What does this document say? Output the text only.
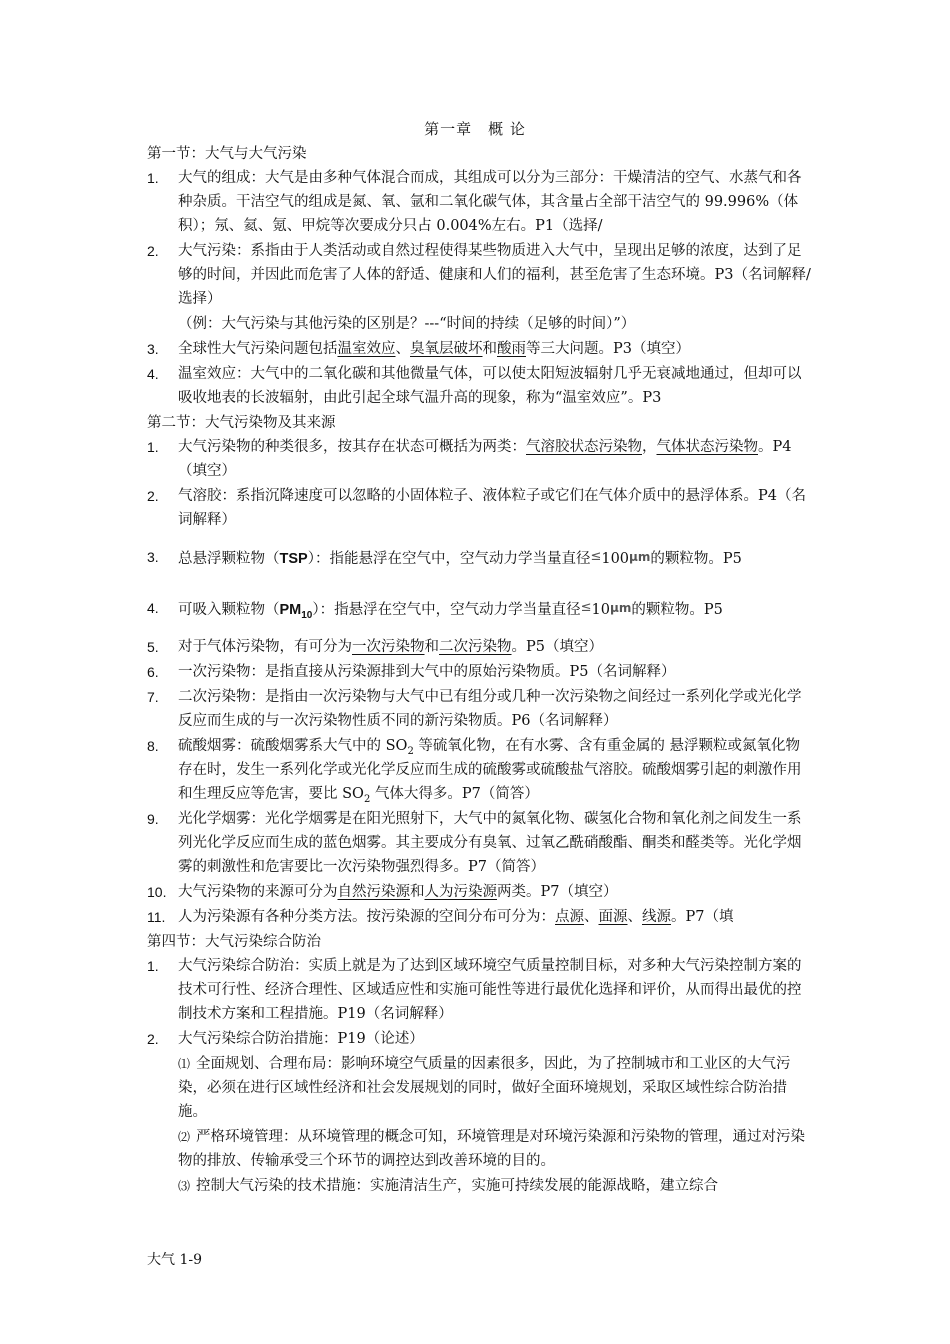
第一章　概 论

第一节：大气与大气污染

1.	大气的组成：大气是由多种气体混合而成，其组成可以分为三部分：干燥清洁的空气、水蒸气和各种杂质。干洁空气的组成是氮、氧、氩和二氧化碳气体，其含量占全部干洁空气的 99.996%（体积）；氖、氦、氪、甲烷等次要成分只占 0.004%左右。P1（选择/
2.	大气污染：系指由于人类活动或自然过程使得某些物质进入大气中，呈现出足够的浓度，达到了足够的时间，并因此而危害了人体的舒适、健康和人们的福利，甚至危害了生态环境。P3（名词解释/选择）
（例：大气污染与其他污染的区别是？---“时间的持续（足够的时间）”）
3.	全球性大气污染问题包括温室效应、臭氧层破坏和酸雨等三大问题。P3（填空）
4.	温室效应：大气中的二氧化碳和其他微量气体，可以使太阳短波辐射几乎无衰减地通过，但却可以吸收地表的长波辐射，由此引起全球气温升高的现象，称为“温室效应”。P3

第二节：大气污染物及其来源

1.	大气污染物的种类很多，按其存在状态可概括为两类：气溶胶状态污染物，气体状态污染物。P4（填空）
2.	气溶胶：系指沉降速度可以忽略的小固体粒子、液体粒子或它们在气体介质中的悬浮体系。P4（名词解释）
3.	总悬浮颗粒物（TSP）：指能悬浮在空气中，空气动力学当量直径≤100μm的颗粒物。P5
4.	可吸入颗粒物$(PM_{10})$：指悬浮在空气中，空气动力学当量直径≤10μm的颗粒物。P5
5.	对于气体污染物，有可分为一次污染物和二次污染物。P5（填空）
6.	一次污染物：是指直接从污染源排到大气中的原始污染物质。P5（名词解释）
7.	二次污染物：是指由一次污染物与大气中已有组分或几种一次污染物之间经过一系列化学或光化学反应而生成的与一次污染物性质不同的新污染物质。P6（名词解释）
8.	硫酸烟雾：硫酸烟雾系大气中的 $SO_2$ 等硫氧化物，在有水雾、含有重金属的 悬浮颗粒或氮氧化物存在时，发生一系列化学或光化学反应而生成的硫酸雾或硫酸盐气溶胶。硫酸烟雾引起的刺激作用和生理反应等危害，要比 $SO_2$ 气体大得多。P7（简答）
9.	光化学烟雾：光化学烟雾是在阳光照射下，大气中的氮氧化物、碳氢化合物和氧化剂之间发生一系列光化学反应而生成的蓝色烟雾。其主要成分有臭氧、过氧乙酰硝酸酯、酮类和醛类等。光化学烟雾的刺激性和危害要比一次污染物强烈得多。P7（简答）
10. 大气污染物的来源可分为自然污染源和人为污染源两类。P7（填空）
11. 人为污染源有各种分类方法。按污染源的空间分布可分为：点源、面源、线源。P7（填

第四节：大气污染综合防治

1.	大气污染综合防治：实质上就是为了达到区域环境空气质量控制目标，对多种大气污染控制方案的技术可行性、经济合理性、区域适应性和实施可能性等进行最优化选择和评价，从而得出最优的控制技术方案和工程措施。P19（名词解释）
2.	大气污染综合防治措施：P19（论述）
⑴ 全面规划、合理布局：影响环境空气质量的因素很多，因此，为了控制城市和工业区的大气污染，必须在进行区域性经济和社会发展规划的同时，做好全面环境规划，采取区域性综合防治措施。
⑵ 严格环境管理：从环境管理的概念可知，环境管理是对环境污染源和污染物的管理，通过对污染物的排放、传输承受三个环节的调控达到改善环境的目的。
⑶ 控制大气污染的技术措施：实施清洁生产，实施可持续发展的能源战略，建立综合
大气 1-9
